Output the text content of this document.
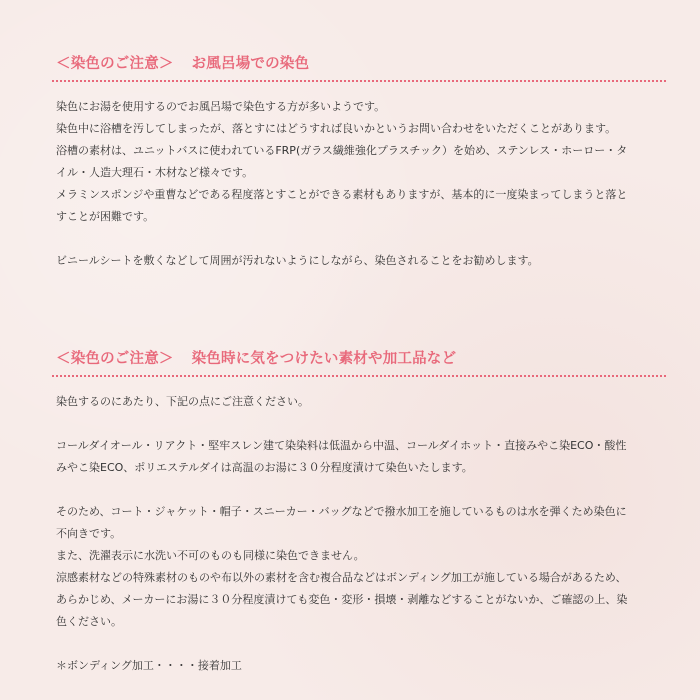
＜染色のご注意＞ お風呂場での染色
染色にお湯を使用するのでお風呂場で染色する方が多いようです。
染色中に浴槽を汚してしまったが、落とすにはどうすれば良いかというお問い合わせをいただくことがあります。
浴槽の素材は、ユニットバスに使われているFRP(ガラス繊維強化プラスチック）を始め、ステンレス・ホーロー・タ
イル・人造大理石・木材など様々です。
メラミンスポンジや重曹などである程度落とすことができる素材もありますが、基本的に一度染まってしまうと落と
すことが困難です。
ビニールシートを敷くなどして周囲が汚れないようにしながら、染色されることをお勧めします。
＜染色のご注意＞ 染色時に気をつけたい素材や加工品など
染色するのにあたり、下記の点にご注意ください。
コールダイオール・リアクト・堅牢スレン建て染染料は低温から中温、コールダイホット・直接みやこ染ECO・酸性
みやこ染ECO、ポリエステルダイは高温のお湯に３０分程度漬けて染色いたします。
そのため、コート・ジャケット・帽子・スニーカー・バッグなどで撥水加工を施しているものは水を弾くため染色に
不向きです。
また、洗濯表示に水洗い不可のものも同様に染色できません。
涼感素材などの特殊素材のものや布以外の素材を含む複合品などはボンディング加工が施している場合があるため、
あらかじめ、メーカーにお湯に３０分程度漬けても変色・変形・損壊・剥離などすることがないか、ご確認の上、染
色ください。
＊ボンディング加工・・・・接着加工
